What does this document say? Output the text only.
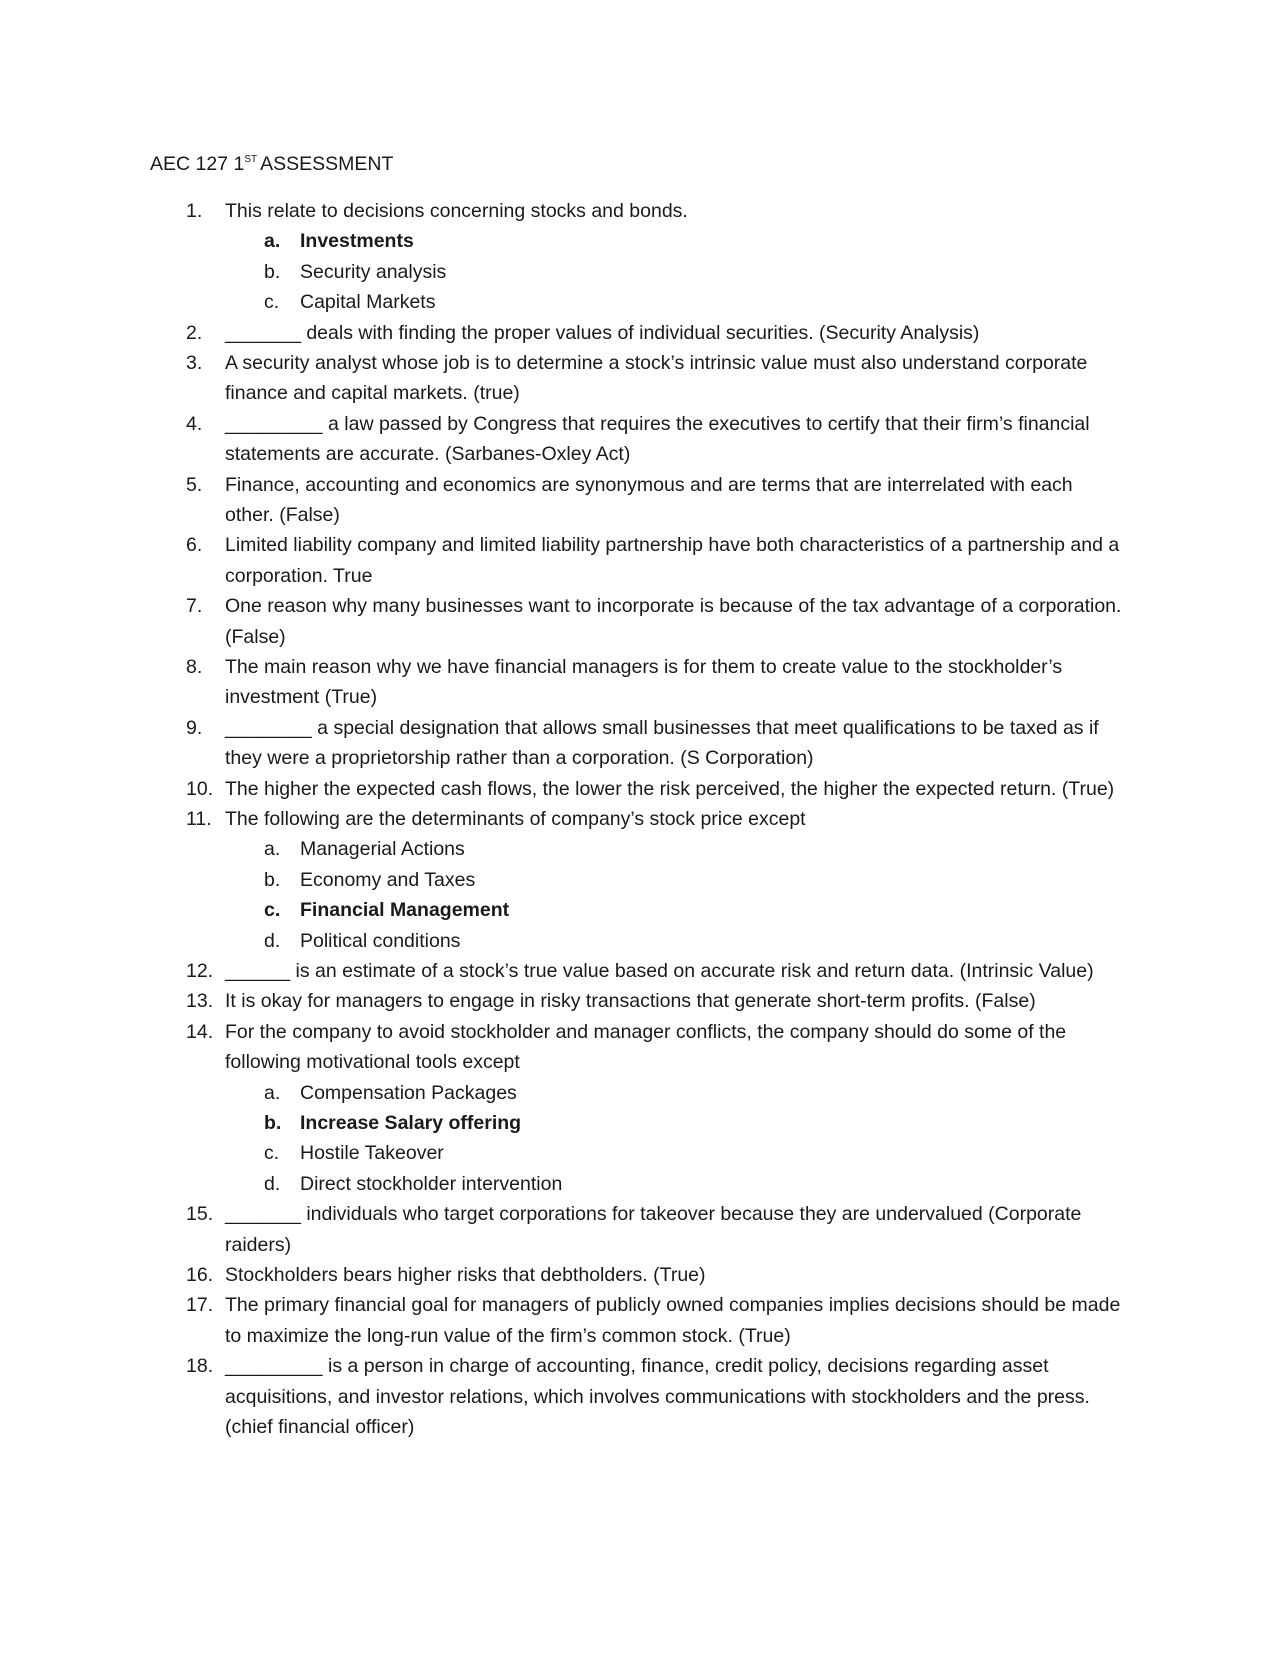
AEC 127 1ST ASSESSMENT
1.	This relate to decisions concerning stocks and bonds.
a. Investments
b. Security analysis
c. Capital Markets
2.	_______ deals with finding the proper values of individual securities. (Security Analysis)
3.	A security analyst whose job is to determine a stock’s intrinsic value must also understand corporate finance and capital markets. (true)
4.	_________ a law passed by Congress that requires the executives to certify that their firm’s financial statements are accurate. (Sarbanes-Oxley Act)
5.	Finance, accounting and economics are synonymous and are terms that are interrelated with each other. (False)
6.	Limited liability company and limited liability partnership have both characteristics of a partnership and a corporation. True
7.	One reason why many businesses want to incorporate is because of the tax advantage of a corporation. (False)
8.	The main reason why we have financial managers is for them to create value to the stockholder’s investment (True)
9.	________ a special designation that allows small businesses that meet qualifications to be taxed as if they were a proprietorship rather than a corporation. (S Corporation)
10. The higher the expected cash flows, the lower the risk perceived, the higher the expected return. (True)
11. The following are the determinants of company’s stock price except
a. Managerial Actions
b. Economy and Taxes
c. Financial Management
d. Political conditions
12. ______ is an estimate of a stock’s true value based on accurate risk and return data. (Intrinsic Value)
13. It is okay for managers to engage in risky transactions that generate short-term profits. (False)
14. For the company to avoid stockholder and manager conflicts, the company should do some of the following motivational tools except
a. Compensation Packages
b. Increase Salary offering
c. Hostile Takeover
d. Direct stockholder intervention
15. _______ individuals who target corporations for takeover because they are undervalued (Corporate raiders)
16. Stockholders bears higher risks that debtholders. (True)
17. The primary financial goal for managers of publicly owned companies implies decisions should be made to maximize the long-run value of the firm’s common stock. (True)
18. _________ is a person in charge of accounting, finance, credit policy, decisions regarding asset acquisitions, and investor relations, which involves communications with stockholders and the press. (chief financial officer)
